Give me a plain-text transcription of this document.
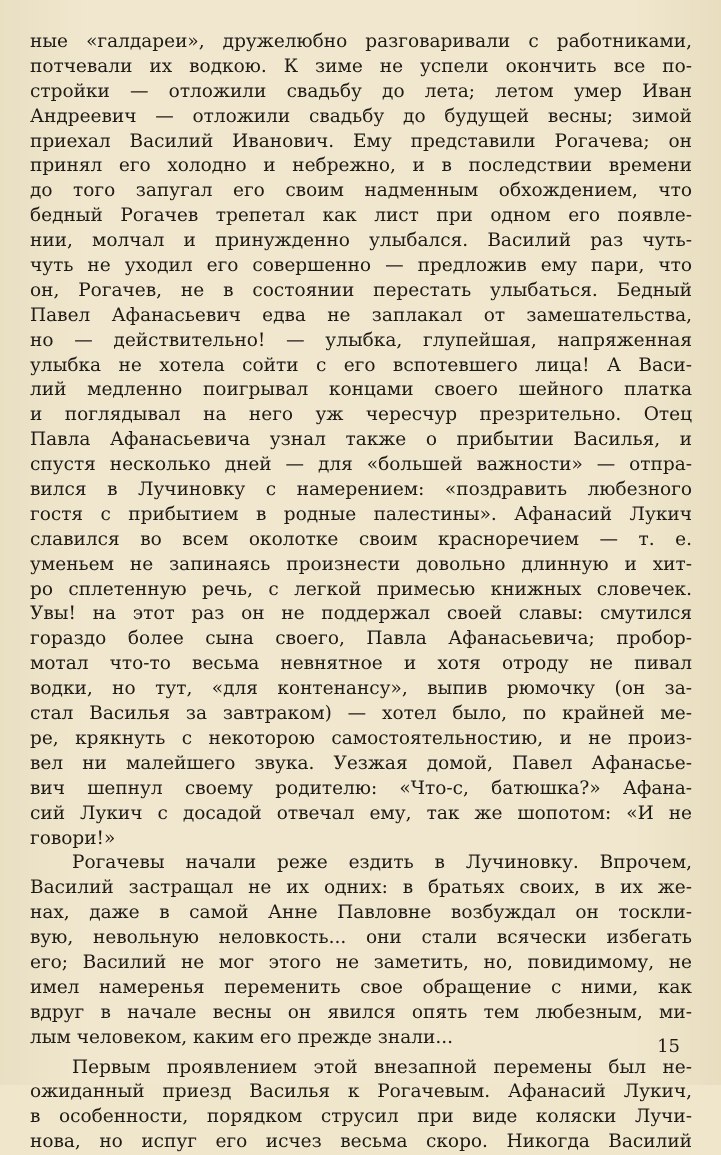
ные «галдареи», дружелюбно разговаривали с работниками,
потчевали их водкою. К зиме не успели окончить все по-
стройки — отложили свадьбу до лета; летом умер Иван
Андреевич — отложили свадьбу до будущей весны; зимой
приехал Василий Иванович. Ему представили Рогачева; он
принял его холодно и небрежно, и в последствии времени
до того запугал его своим надменным обхождением, что
бедный Рогачев трепетал как лист при одном его появле-
нии, молчал и принужденно улыбался. Василий раз чуть-
чуть не уходил его совершенно — предложив ему пари, что
он, Рогачев, не в состоянии перестать улыбаться. Бедный
Павел Афанасьевич едва не заплакал от замешательства,
но — действительно! — улыбка, глупейшая, напряженная
улыбка не хотела сойти с его вспотевшего лица! А Васи-
лий медленно поигрывал концами своего шейного платка
и поглядывал на него уж чересчур презрительно. Отец
Павла Афанасьевича узнал также о прибытии Василья, и
спустя несколько дней — для «большей важности» — отпра-
вился в Лучиновку с намерением: «поздравить любезного
гостя с прибытием в родные палестины». Афанасий Лукич
славился во всем околотке своим красноречием — т. е.
уменьем не запинаясь произнести довольно длинную и хит-
ро сплетенную речь, с легкой примесью книжных словечек.
Увы! на этот раз он не поддержал своей славы: смутился
гораздо более сына своего, Павла Афанасьевича; пробор-
мотал что-то весьма невнятное и хотя отроду не пивал
водки, но тут, «для контенансу», выпив рюмочку (он за-
стал Василья за завтраком) — хотел было, по крайней ме-
ре, крякнуть с некоторою самостоятельностию, и не произ-
вел ни малейшего звука. Уезжая домой, Павел Афанасье-
вич шепнул своему родителю: «Что-с, батюшка?» Афана-
сий Лукич с досадой отвечал ему, так же шопотом: «И не
говори!»
Рогачевы начали реже ездить в Лучиновку. Впрочем,
Василий застращал не их одних: в братьях своих, в их же-
нах, даже в самой Анне Павловне возбуждал он тоскли-
вую, невольную неловкость... они стали всячески избегать
его; Василий не мог этого не заметить, но, повидимому, не
имел намеренья переменить свое обращение с ними, как
вдруг в начале весны он явился опять тем любезным, ми-
лым человеком, каким его прежде знали...
Первым проявлением этой внезапной перемены был не-
ожиданный приезд Василья к Рогачевым. Афанасий Лукич,
в особенности, порядком струсил при виде коляски Лучи-
нова, но испуг его исчез весьма скоро. Никогда Василий
15
